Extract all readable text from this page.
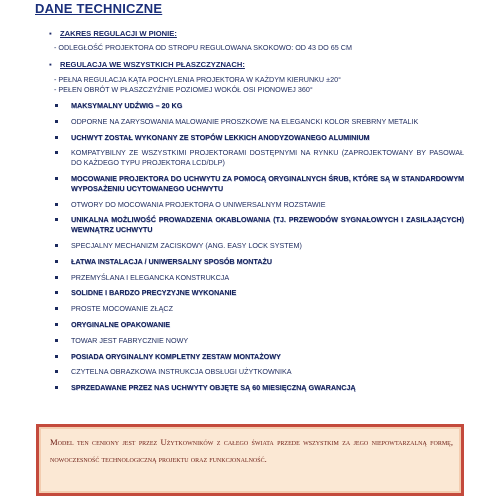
DANE TECHNICZNE
▪ ZAKRES REGULACJI W PIONIE:
- ODLEGŁOŚĆ PROJEKTORA OD STROPU REGULOWANA SKOKOWO: OD 43 DO 65 CM
▪ REGULACJA WE WSZYSTKICH PŁASZCZYZNACH:
- PEŁNA REGULACJA KĄTA POCHYLENIA PROJEKTORA W KAŻDYM KIERUNKU ±20°
- PEŁEN OBRÓT W PŁASZCZYŹNIE POZIOMEJ WOKÓŁ OSI PIONOWEJ 360°
MAKSYMALNY UDŹWIG – 20 KG
ODPORNE NA ZARYSOWANIA MALOWANIE PROSZKOWE NA ELEGANCKI KOLOR SREBRNY METALIK
UCHWYT ZOSTAŁ WYKONANY ZE STOPÓW LEKKICH ANODYZOWANEGO ALUMINIUM
KOMPATYBILNY ZE WSZYSTKIMI PROJEKTORAMI DOSTĘPNYMI NA RYNKU (ZAPROJEKTOWANY BY PASOWAŁ DO KAŻDEGO TYPU PROJEKTORA LCD/DLP)
MOCOWANIE PROJEKTORA DO UCHWYTU ZA POMOCĄ ORYGINALNYCH ŚRUB, KTÓRE SĄ W STANDARDOWYM WYPOSAŻENIU UCYTOWANEGO UCHWYTU
OTWORY DO MOCOWANIA PROJEKTORA O UNIWERSALNYM ROZSTAWIE
UNIKALNA MOŻLIWOŚĆ PROWADZENIA OKABLOWANIA (TJ. PRZEWODÓW SYGNAŁOWYCH I ZASILAJĄCYCH) WEWNĄTRZ UCHWYTU
SPECJALNY MECHANIZM ZACISKOWY (ANG. EASY LOCK SYSTEM)
ŁATWA INSTALACJA / UNIWERSALNY SPOSÓB MONTAŻU
PRZEMYŚLANA I ELEGANCKA KONSTRUKCJA
SOLIDNE I BARDZO PRECYZYJNE WYKONANIE
PROSTE MOCOWANIE ZŁĄCZ
ORYGINALNE OPAKOWANIE
TOWAR JEST FABRYCZNIE NOWY
POSIADA ORYGINALNY KOMPLETNY ZESTAW MONTAŻOWY
CZYTELNA OBRAZKOWA INSTRUKCJA OBSŁUGI UŻYTKOWNIKA
SPRZEDAWANE PRZEZ NAS UCHWYTY OBJĘTE SĄ 60 MIESIĘCZNĄ GWARANCJĄ
Model ten ceniony jest przez Użytkowników z całego świata przede wszystkim za jego niepowtarzalną formę, nowoczesność technologiczną projektu oraz funkcjonalność.
